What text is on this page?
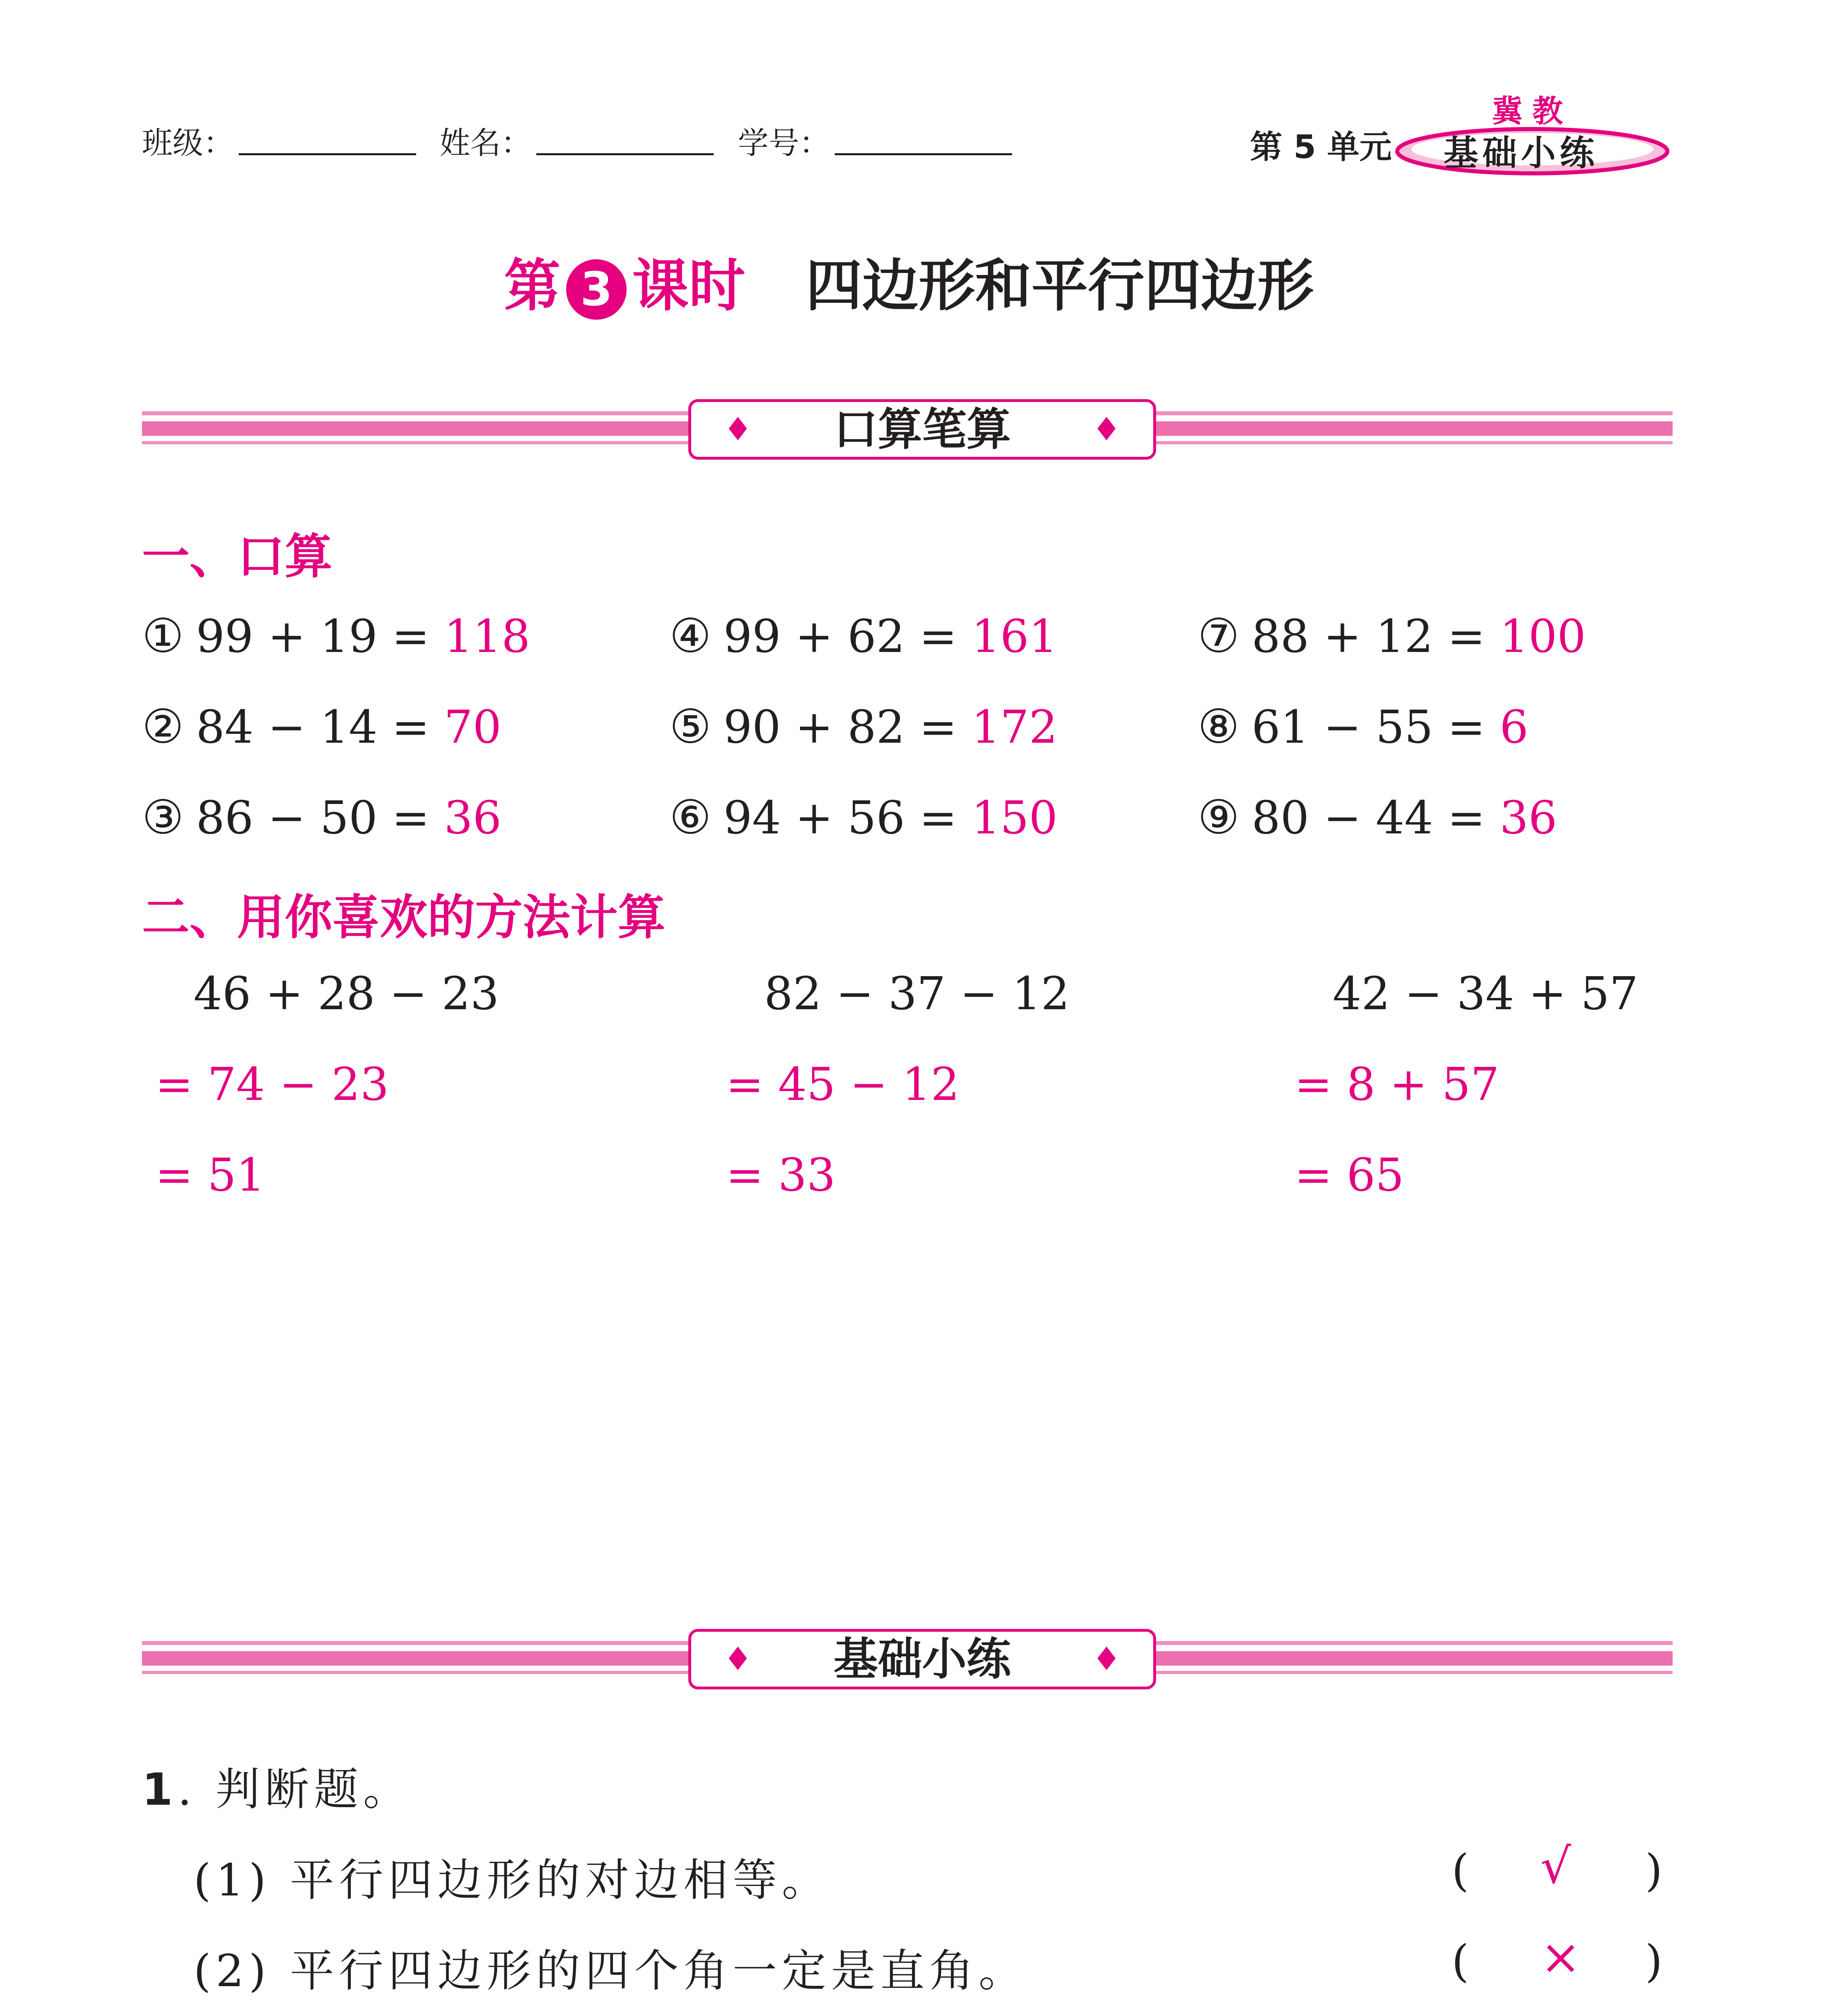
班级：	姓名：	学号：	第 5 单元
冀教
基础小练
第 3 课时 四边形和平行四边形
♦ 口算笔算	♦
一、口算
① 99 + 19 = 118
② 84 − 14 = 70
③ 86 − 50 = 36
④ 99 + 62 = 161
⑤ 90 + 82 = 172
⑥ 94 + 56 = 150
⑦ 88 + 12 = 100
⑧ 61 − 55 = 6
⑨ 80 − 44 = 36
二、用你喜欢的方法计算
46 + 28 − 23
= 74 − 23
= 51
82 − 37 − 12
= 45 − 12
= 33
42 − 34 + 57
= 8 + 57
= 65
♦ 基础小练	♦
1. 判断题。
(1) 平行四边形的对边相等。
(2) 平行四边形的四个角一定是直角。
( √ )
( × )
